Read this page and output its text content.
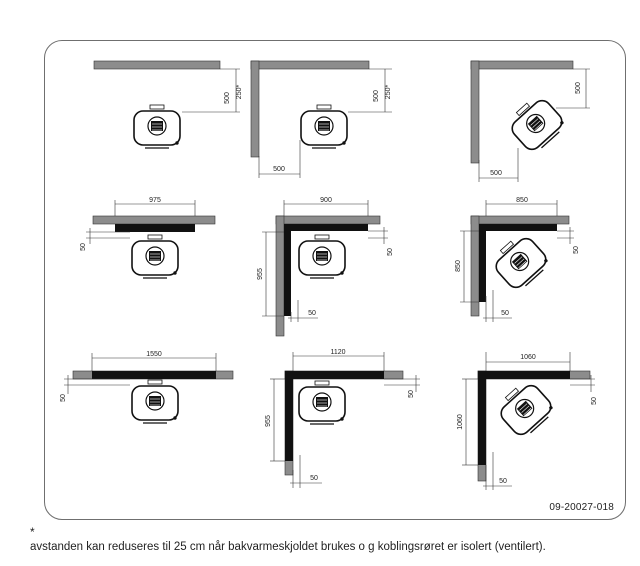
500 250*	500 250*
500
500
500
975
50
900
955
50
50
850
850
50
50
1550
50
1120
955
50
50
1060
1060
50
50
09-20027-018
*
avstanden kan reduseres til 25 cm når bakvarmeskjoldet brukes o g koblingsrøret er isolert (ventilert).
